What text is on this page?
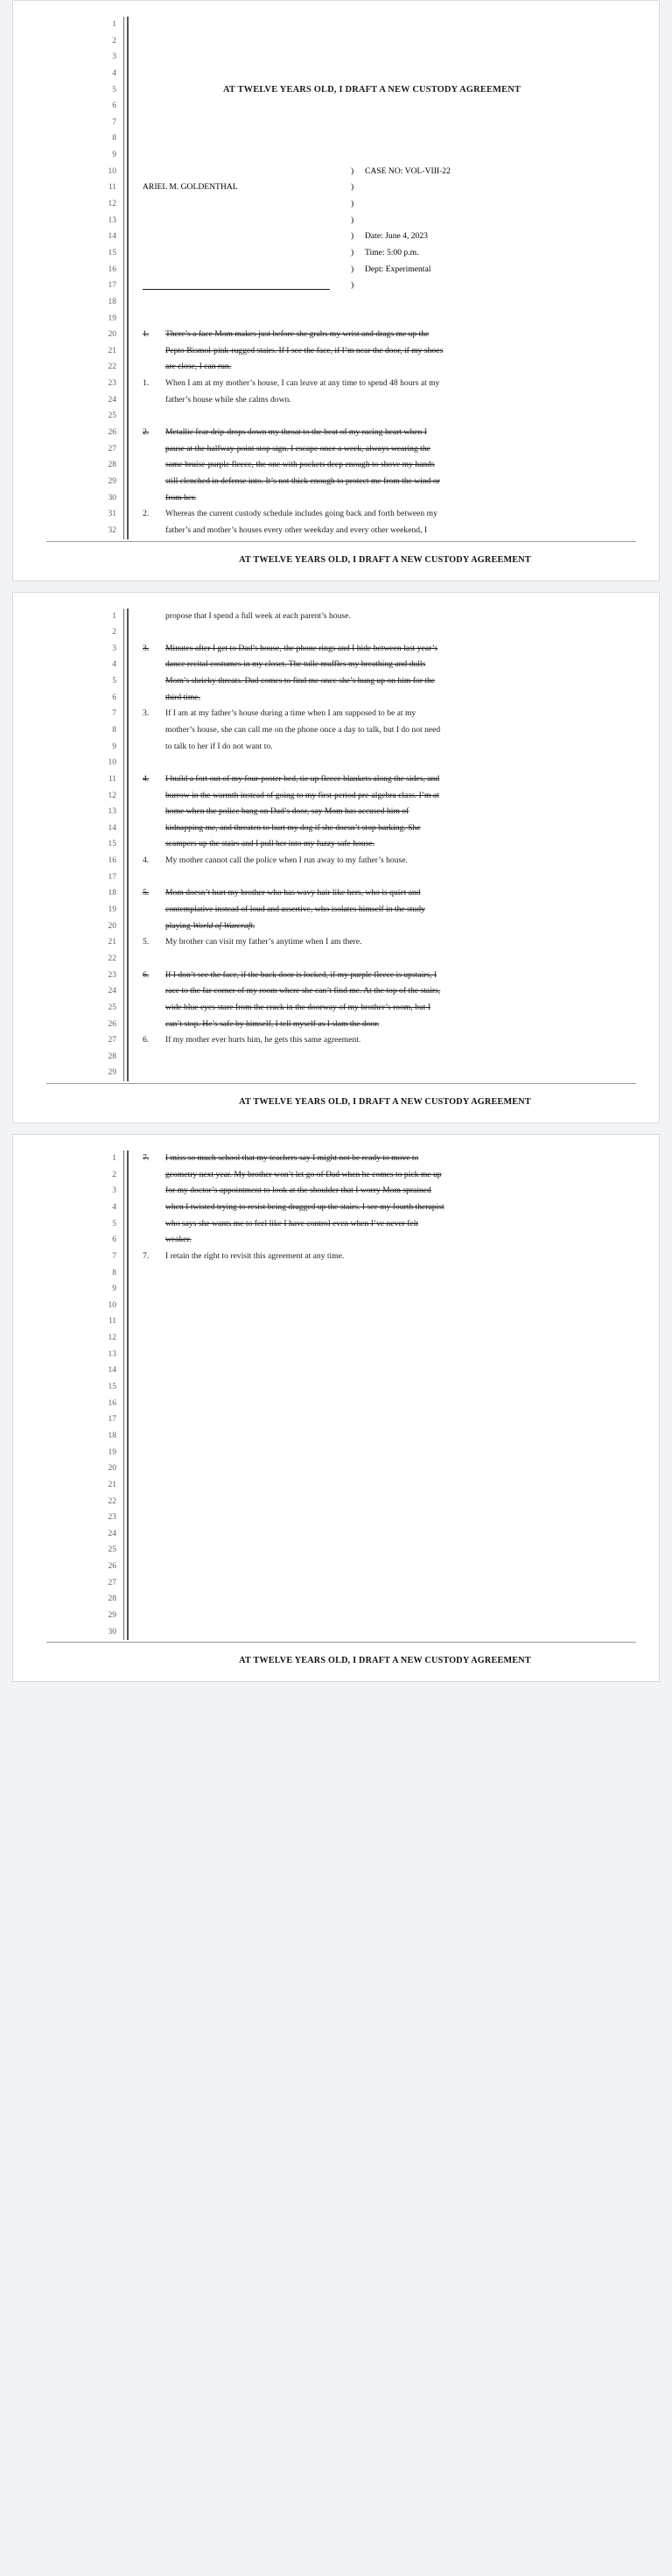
1
2
3
4
5
6
7
8
9
10
11
12
13
14
15
16
17
18
19
20
21
22
23
24
25
26
27
28
29
30
31
32

AT TWELVE YEARS OLD, I DRAFT A NEW CUSTODY AGREEMENT

)	CASE NO: VOL-VIII-22
ARIEL M. GOLDENTHAL	)
)
)
)	Date: June 4, 2023
)	Time: 5:00 p.m.
)	Dept: Experimental
)

1. There’s a face Mom makes just before she grabs my wrist and drags me up the
Pepto Bismol-pink-rugged stairs. If I see the face, if I’m near the door, if my shoes
are close, I can run.
1. When I am at my mother’s house, I can leave at any time to spend 48 hours at my
father’s house while she calms down.

2. Metallic fear drip-drops down my throat to the beat of my racing heart when I
pause at the halfway-point stop sign. I escape once a week, always wearing the
same bruise-purple fleece, the one with pockets deep enough to shove my hands
still clenched in defense into. It’s not thick enough to protect me from the wind or
from her.
2. Whereas the current custody schedule includes going back and forth between my
father’s and mother’s houses every other weekday and every other weekend, I
AT TWELVE YEARS OLD, I DRAFT A NEW CUSTODY AGREEMENT
1
2
3
4
5
6
7
8
9
10
11
12
13
14
15
16
17
18
19
20
21
22
23
24
25
26
27
28
29
propose that I spend a full week at each parent’s house.

3. Minutes after I get to Dad’s house, the phone rings and I hide between last year’s
dance recital costumes in my closet. The tulle muffles my breathing and dulls
Mom’s shrieky threats. Dad comes to find me once she’s hung up on him for the
third time.
3. If I am at my father’s house during a time when I am supposed to be at my
mother’s house, she can call me on the phone once a day to talk, but I do not need
to talk to her if I do not want to.

4. I build a fort out of my four-poster bed, tie up fleece blankets along the sides, and
burrow in the warmth instead of going to my first-period pre-algebra class. I’m at
home when the police bang on Dad’s door, say Mom has accused him of
kidnapping me, and threaten to hurt my dog if she doesn’t stop barking. She
scampers up the stairs and I pull her into my fuzzy safe house.
4. My mother cannot call the police when I run away to my father’s house.

5. Mom doesn’t hurt my brother who has wavy hair like hers, who is quiet and
contemplative instead of loud and assertive, who isolates himself in the study
playing World of Warcraft.
5. My brother can visit my father’s anytime when I am there.

6. If I don’t see the face, if the back door is locked, if my purple fleece is upstairs, I
race to the far corner of my room where she can’t find me. At the top of the stairs,
wide blue eyes stare from the crack in the doorway of my brother’s room, but I
can’t stop. He’s safe by himself, I tell myself as I slam the door.
6. If my mother ever hurts him, he gets this same agreement.

AT TWELVE YEARS OLD, I DRAFT A NEW CUSTODY AGREEMENT
1
2
3
4
5
6
7
8
9
10
11
12
13
14
15
16
17
18
19
20
21
22
23
24
25
26
27
28
29
30
7. I miss so much school that my teachers say I might not be ready to move to
geometry next year. My brother won’t let go of Dad when he comes to pick me up
for my doctor’s appointment to look at the shoulder that I worry Mom sprained
when I twisted trying to resist being dragged up the stairs. I see my fourth therapist
who says she wants me to feel like I have control even when I’ve never felt
weaker.
7. I retain the right to revisit this agreement at any time.

AT TWELVE YEARS OLD, I DRAFT A NEW CUSTODY AGREEMENT
